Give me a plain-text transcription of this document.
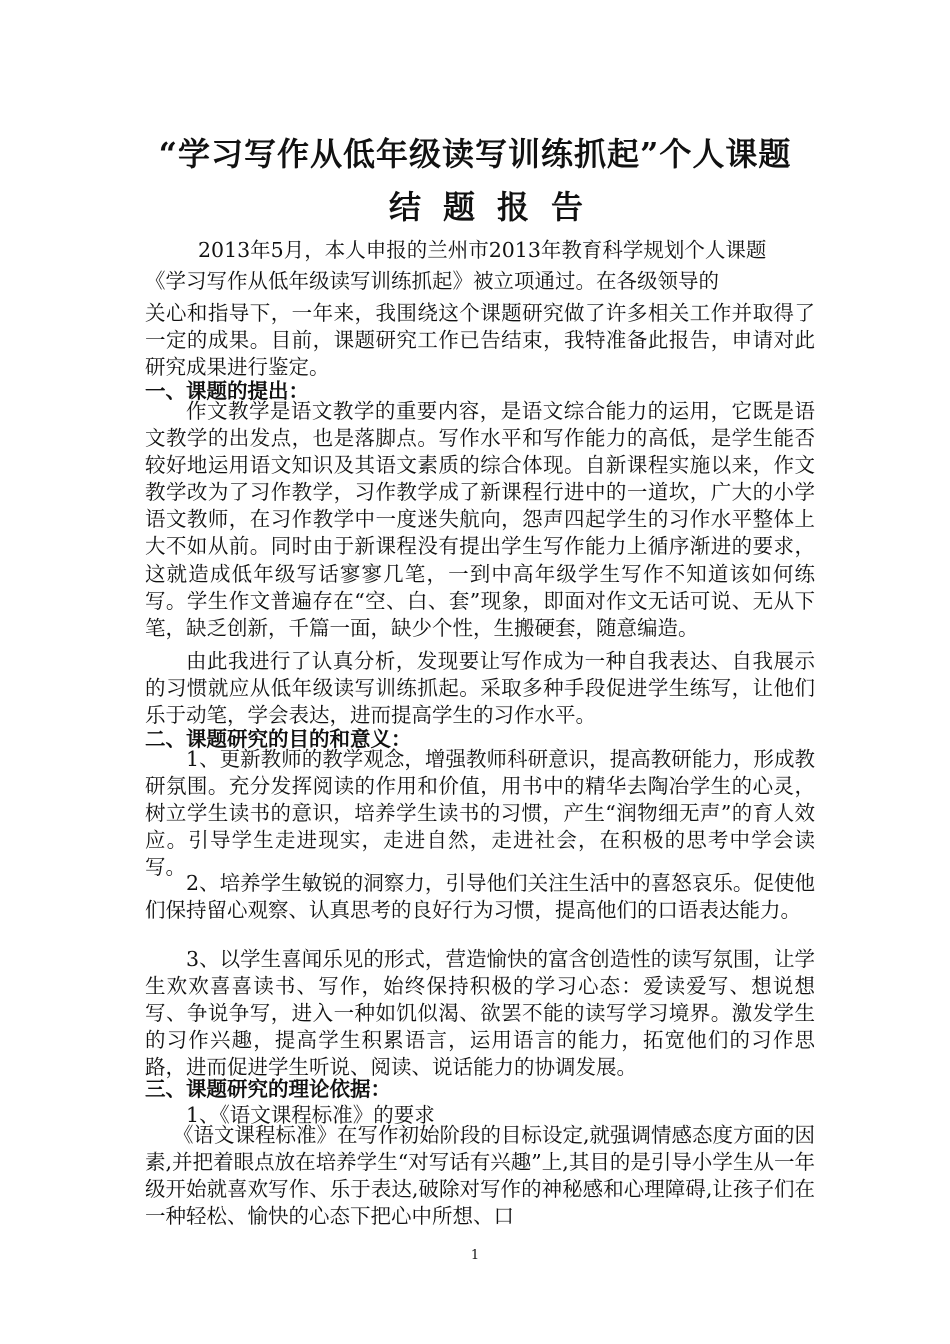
“学习写作从低年级读写训练抓起”个人课题
结题报告

2013年5月，本人申报的兰州市2013年教育科学规划个人课题

《学习写作从低年级读写训练抓起》被立项通过。在各级领导的

关心和指导下，一年来，我围绕这个课题研究做了许多相关工作并取得了一定的成果。目前，课题研究工作已告结束，我特准备此报告，申请对此研究成果进行鉴定。

一、课题的提出：

作文教学是语文教学的重要内容，是语文综合能力的运用，它既是语文教学的出发点，也是落脚点。写作水平和写作能力的高低，是学生能否较好地运用语文知识及其语文素质的综合体现。自新课程实施以来，作文教学改为了习作教学，习作教学成了新课程行进中的一道坎，广大的小学语文教师，在习作教学中一度迷失航向，怨声四起学生的习作水平整体上大不如从前。同时由于新课程没有提出学生写作能力上循序渐进的要求，这就造成低年级写话寥寥几笔，一到中高年级学生写作不知道该如何练写。学生作文普遍存在“空、白、套”现象，即面对作文无话可说、无从下笔，缺乏创新，千篇一面，缺少个性，生搬硬套，随意编造。

由此我进行了认真分析，发现要让写作成为一种自我表达、自我展示的习惯就应从低年级读写训练抓起。采取多种手段促进学生练写，让他们乐于动笔，学会表达，进而提高学生的习作水平。

二、课题研究的目的和意义：

1、更新教师的教学观念，增强教师科研意识，提高教研能力，形成教研氛围。充分发挥阅读的作用和价值，用书中的精华去陶冶学生的心灵，树立学生读书的意识，培养学生读书的习惯，产生“润物细无声”的育人效应。引导学生走进现实，走进自然，走进社会，在积极的思考中学会读写。

2、培养学生敏锐的洞察力，引导他们关注生活中的喜怒哀乐。促使他们保持留心观察、认真思考的良好行为习惯，提高他们的口语表达能力。

3、以学生喜闻乐见的形式，营造愉快的富含创造性的读写氛围，让学生欢欢喜喜读书、写作，始终保持积极的学习心态：爱读爱写、想说想写、争说争写，进入一种如饥似渴、欲罢不能的读写学习境界。激发学生的习作兴趣，提高学生积累语言，运用语言的能力，拓宽他们的习作思路，进而促进学生听说、阅读、说话能力的协调发展。

三、课题研究的理论依据：

1、《语文课程标准》的要求

《语文课程标准》在写作初始阶段的目标设定,就强调情感态度方面的因素,并把着眼点放在培养学生“对写话有兴趣”上,其目的是引导小学生从一年级开始就喜欢写作、乐于表达,破除对写作的神秘感和心理障碍,让孩子们在一种轻松、愉快的心态下把心中所想、口

1
